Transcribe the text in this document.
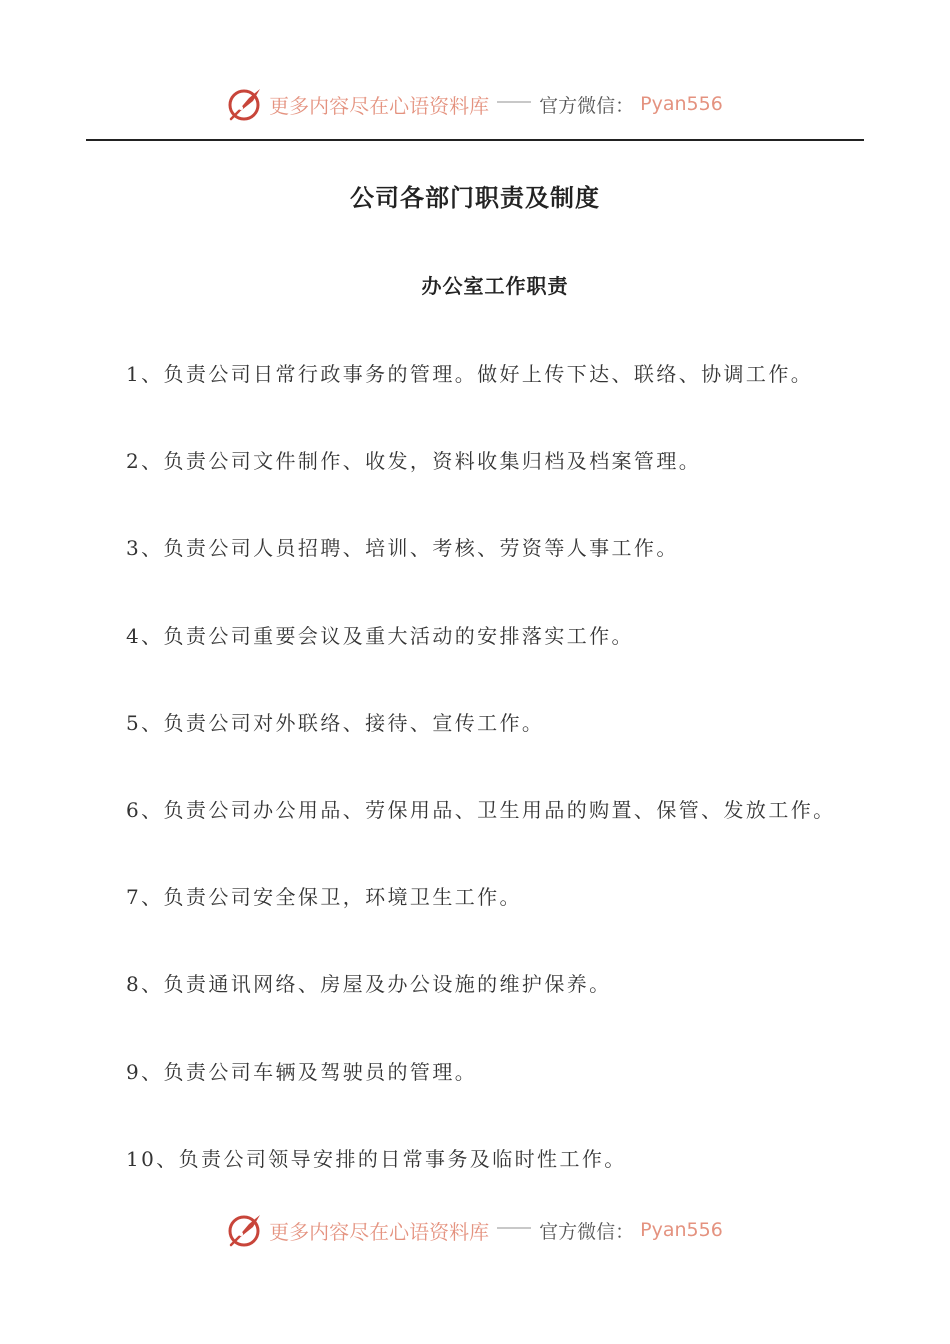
更多内容尽在心语资料库	官方微信： Pyan556
公司各部门职责及制度
办公室工作职责
1、负责公司日常行政事务的管理。做好上传下达、联络、协调工作。
2、负责公司文件制作、收发，资料收集归档及档案管理。
3、负责公司人员招聘、培训、考核、劳资等人事工作。
4、负责公司重要会议及重大活动的安排落实工作。
5、负责公司对外联络、接待、宣传工作。
6、负责公司办公用品、劳保用品、卫生用品的购置、保管、发放工作。
7、负责公司安全保卫，环境卫生工作。
8、负责通讯网络、房屋及办公设施的维护保养。
9、负责公司车辆及驾驶员的管理。
10、负责公司领导安排的日常事务及临时性工作。
更多内容尽在心语资料库	官方微信： Pyan556
